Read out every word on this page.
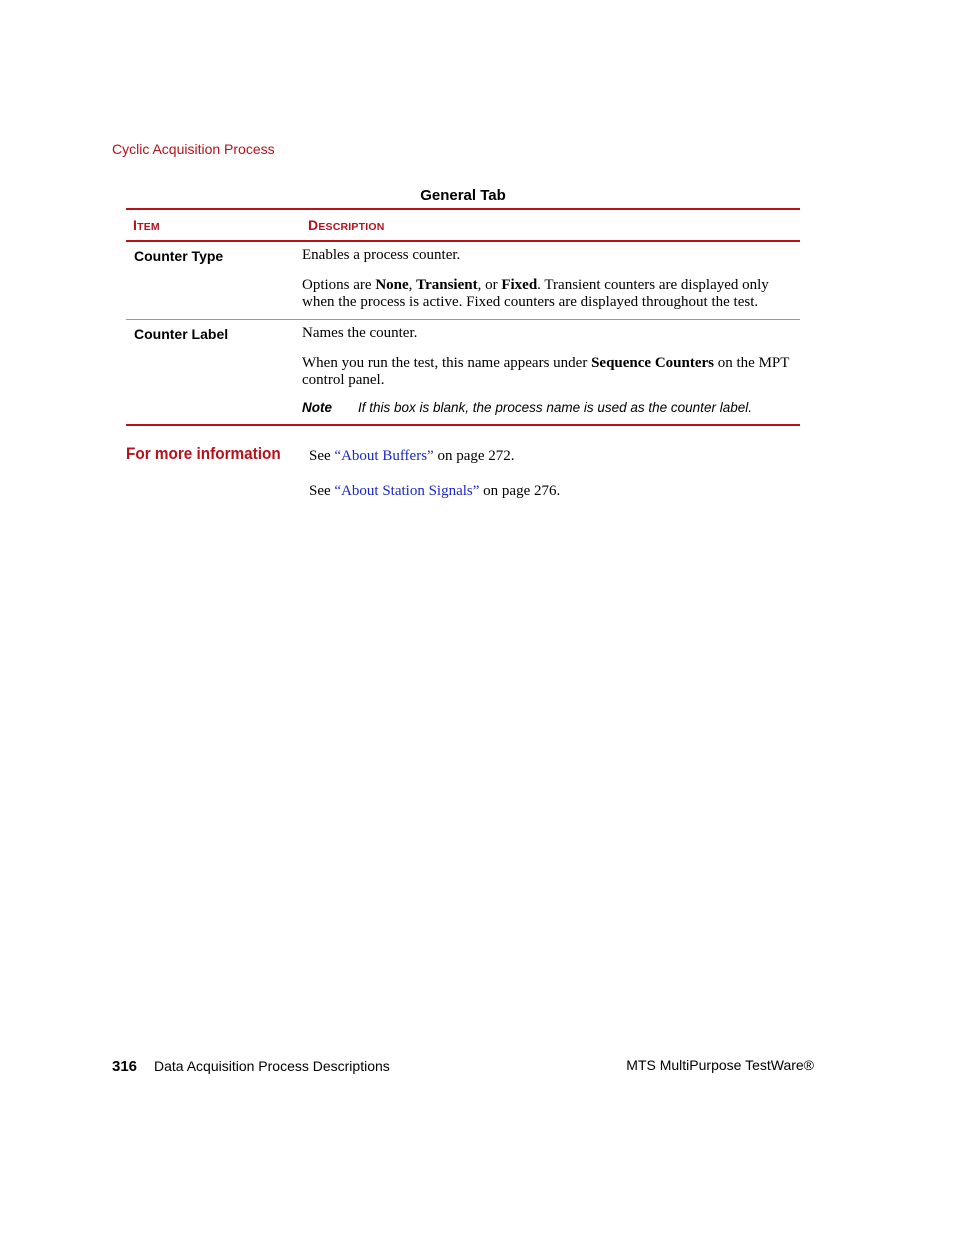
Cyclic Acquisition Process
General Tab
ITEM	DESCRIPTION
Counter Type	Enables a process counter.

Options are None, Transient, or Fixed. Transient counters are displayed only when the process is active. Fixed counters are displayed throughout the test.

Counter Label	Names the counter.

When you run the test, this name appears under Sequence Counters on the MPT control panel.

Note	If this box is blank, the process name is used as the counter label.
For more information See “About Buffers” on page 272.
See “About Station Signals” on page 276.
316 Data Acquisition Process Descriptions	MTS MultiPurpose TestWare®
